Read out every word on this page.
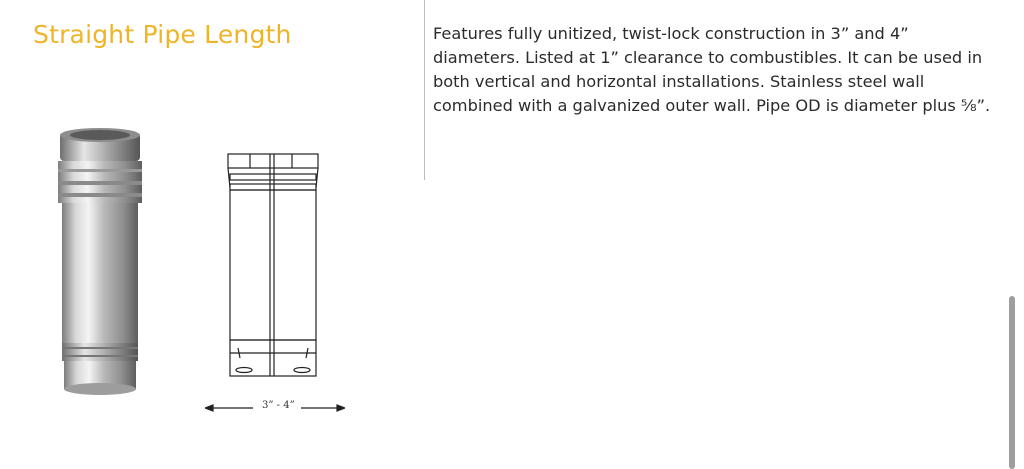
Straight Pipe Length	Features fully unitized, twist-lock construction in 3” and 4” diameters. Listed at 1” clearance to combustibles. It can be used in both vertical and horizontal installations. Stainless steel wall combined with a galvanized outer wall. Pipe OD is diameter plus ⅝”.
3” - 4”
